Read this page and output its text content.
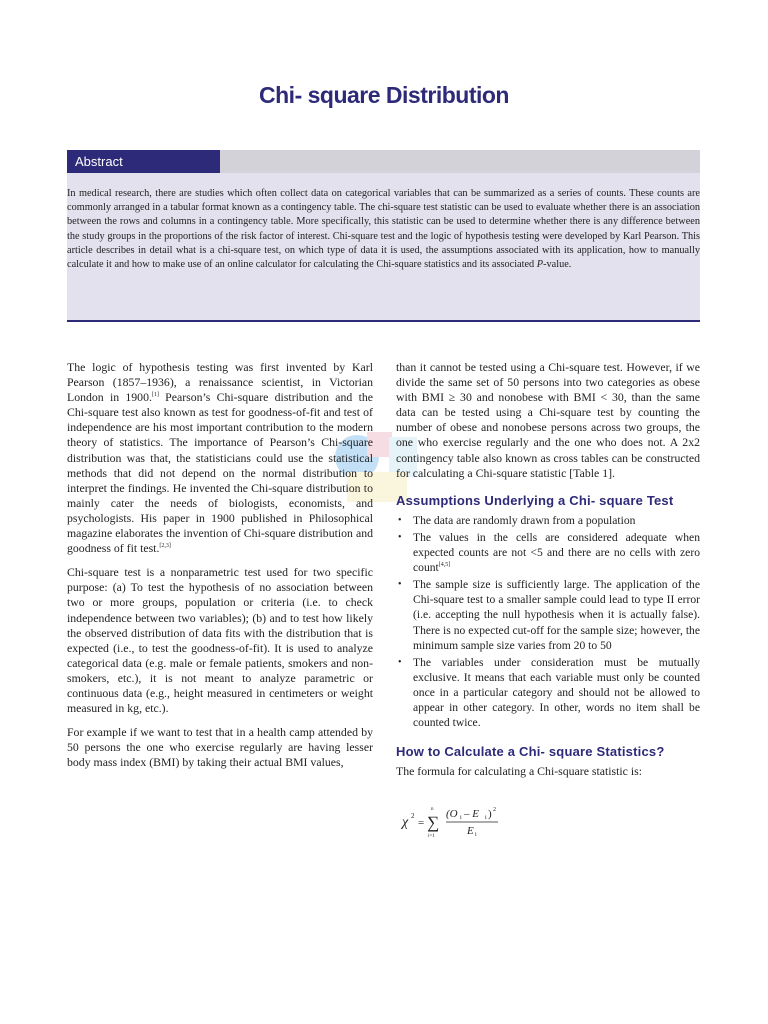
Chi- square Distribution
Abstract
In medical research, there are studies which often collect data on categorical variables that can be summarized as a series of counts. These counts are commonly arranged in a tabular format known as a contingency table. The chi-square test statistic can be used to evaluate whether there is an association between the rows and columns in a contingency table. More specifically, this statistic can be used to determine whether there is any difference between the study groups in the proportions of the risk factor of interest. Chi-square test and the logic of hypothesis testing were developed by Karl Pearson. This article describes in detail what is a chi-square test, on which type of data it is used, the assumptions associated with its application, how to manually calculate it and how to make use of an online calculator for calculating the Chi-square statistics and its associated P-value.

The logic of hypothesis testing was first invented by Karl Pearson (1857–1936), a renaissance scientist, in Victorian London in 1900.[1] Pearson’s Chi-square distribution and the Chi-square test also known as test for goodness-of-fit and test of independence are his most important contribution to the modern theory of statistics. The importance of Pearson’s Chi-square distribution was that, the statisticians could use the statistical methods that did not depend on the normal distribution to interpret the findings. He invented the Chi-square distribution to mainly cater the needs of biologists, economists, and psychologists. His paper in 1900 published in Philosophical magazine elaborates the invention of Chi-square distribution and goodness of fit test.[2,3]

Chi-square test is a nonparametric test used for two specific purpose: (a) To test the hypothesis of no association between two or more groups, population or criteria (i.e. to check independence between two variables); (b) and to test how likely the observed distribution of data fits with the distribution that is expected (i.e., to test the goodness-of-fit). It is used to analyze categorical data (e.g. male or female patients, smokers and non-smokers, etc.), it is not meant to analyze parametric or continuous data (e.g., height measured in centimeters or weight measured in kg, etc.).

For example if we want to test that in a health camp attended by 50 persons the one who exercise regularly are having lesser body mass index (BMI) by taking their actual BMI values,

than it cannot be tested using a Chi-square test. However, if we divide the same set of 50 persons into two categories as obese with BMI ≥ 30 and nonobese with BMI < 30, than the same data can be tested using a Chi-square test by counting the number of obese and nonobese persons across two groups, the one who exercise regularly and the one who does not. A 2x2 contingency table also known as cross tables can be constructed for calculating a Chi-square statistic [Table 1].

Assumptions Underlying a Chi- square Test
• The data are randomly drawn from a population
• The values in the cells are considered adequate when expected counts are not <5 and there are no cells with zero count[4,5]
• The sample size is sufficiently large. The application of the Chi-square test to a smaller sample could lead to type II error (i.e. accepting the null hypothesis when it is actually false). There is no expected cut-off for the sample size; however, the minimum sample size varies from 20 to 50
• The variables under consideration must be mutually exclusive. It means that each variable must only be counted once in a particular category and should not be allowed to appear in other category. In other, words no item shall be counted twice.
How to Calculate a Chi- square Statistics?

The formula for calculating a Chi-square statistic is:

χ 2
= ∑
n
i=1
(O i – E i ) 2
E i
